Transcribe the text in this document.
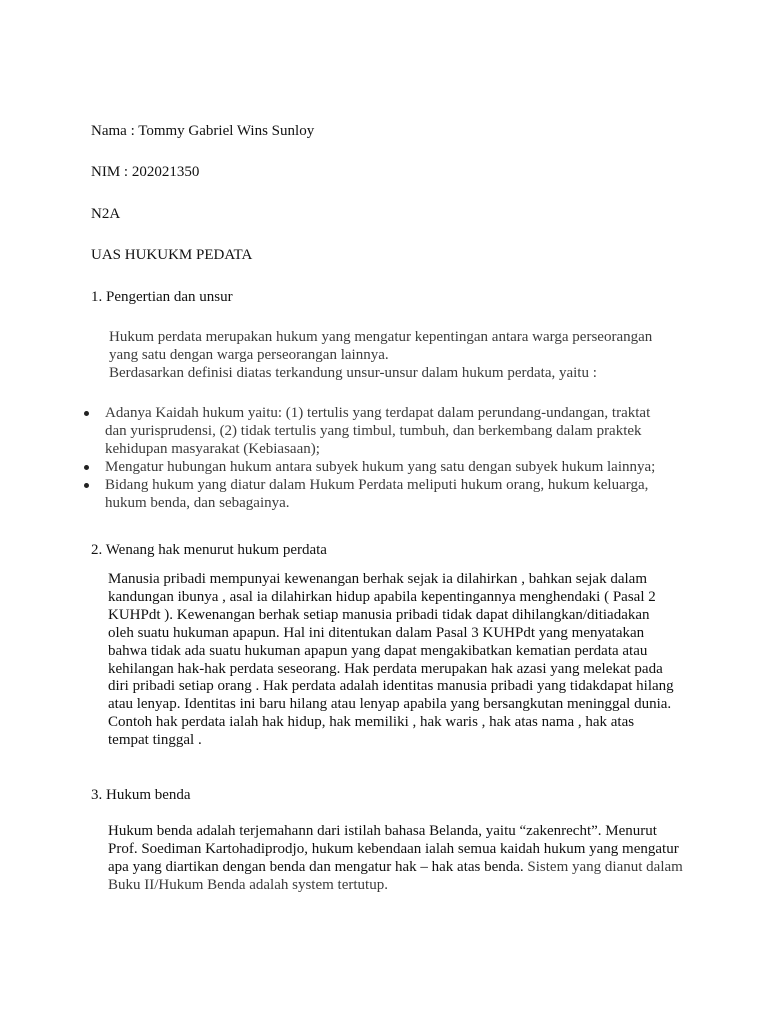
Nama : Tommy Gabriel Wins Sunloy
NIM : 202021350
N2A
UAS HUKUKM PEDATA
1. Pengertian dan unsur
Hukum perdata merupakan hukum yang mengatur kepentingan antara warga perseorangan
yang satu dengan warga perseorangan lainnya.
Berdasarkan definisi diatas terkandung unsur-unsur dalam hukum perdata, yaitu :
Adanya Kaidah hukum yaitu: (1) tertulis yang terdapat dalam perundang-undangan, traktat
dan yurisprudensi, (2) tidak tertulis yang timbul, tumbuh, dan berkembang dalam praktek
kehidupan masyarakat (Kebiasaan);
Mengatur hubungan hukum antara subyek hukum yang satu dengan subyek hukum lainnya;
Bidang hukum yang diatur dalam Hukum Perdata meliputi hukum orang, hukum keluarga,
hukum benda, dan sebagainya.
2. Wenang hak menurut hukum perdata
Manusia pribadi mempunyai kewenangan berhak sejak ia dilahirkan , bahkan sejak dalam
kandungan ibunya , asal ia dilahirkan hidup apabila kepentingannya menghendaki ( Pasal 2
KUHPdt ). Kewenangan berhak setiap manusia pribadi tidak dapat dihilangkan/ditiadakan
oleh suatu hukuman apapun. Hal ini ditentukan dalam Pasal 3 KUHPdt yang menyatakan
bahwa tidak ada suatu hukuman apapun yang dapat mengakibatkan kematian perdata atau
kehilangan hak-hak perdata seseorang. Hak perdata merupakan hak azasi yang melekat pada
diri pribadi setiap orang . Hak perdata adalah identitas manusia pribadi yang tidakdapat hilang
atau lenyap. Identitas ini baru hilang atau lenyap apabila yang bersangkutan meninggal dunia.
Contoh hak perdata ialah hak hidup, hak memiliki , hak waris , hak atas nama , hak atas
tempat tinggal .
3. Hukum benda
Hukum benda adalah terjemahann dari istilah bahasa Belanda, yaitu “zakenrecht”. Menurut
Prof. Soediman Kartohadiprodjo, hukum kebendaan ialah semua kaidah hukum yang mengatur
apa yang diartikan dengan benda dan mengatur hak – hak atas benda. Sistem yang dianut dalam
Buku II/Hukum Benda adalah system tertutup.
